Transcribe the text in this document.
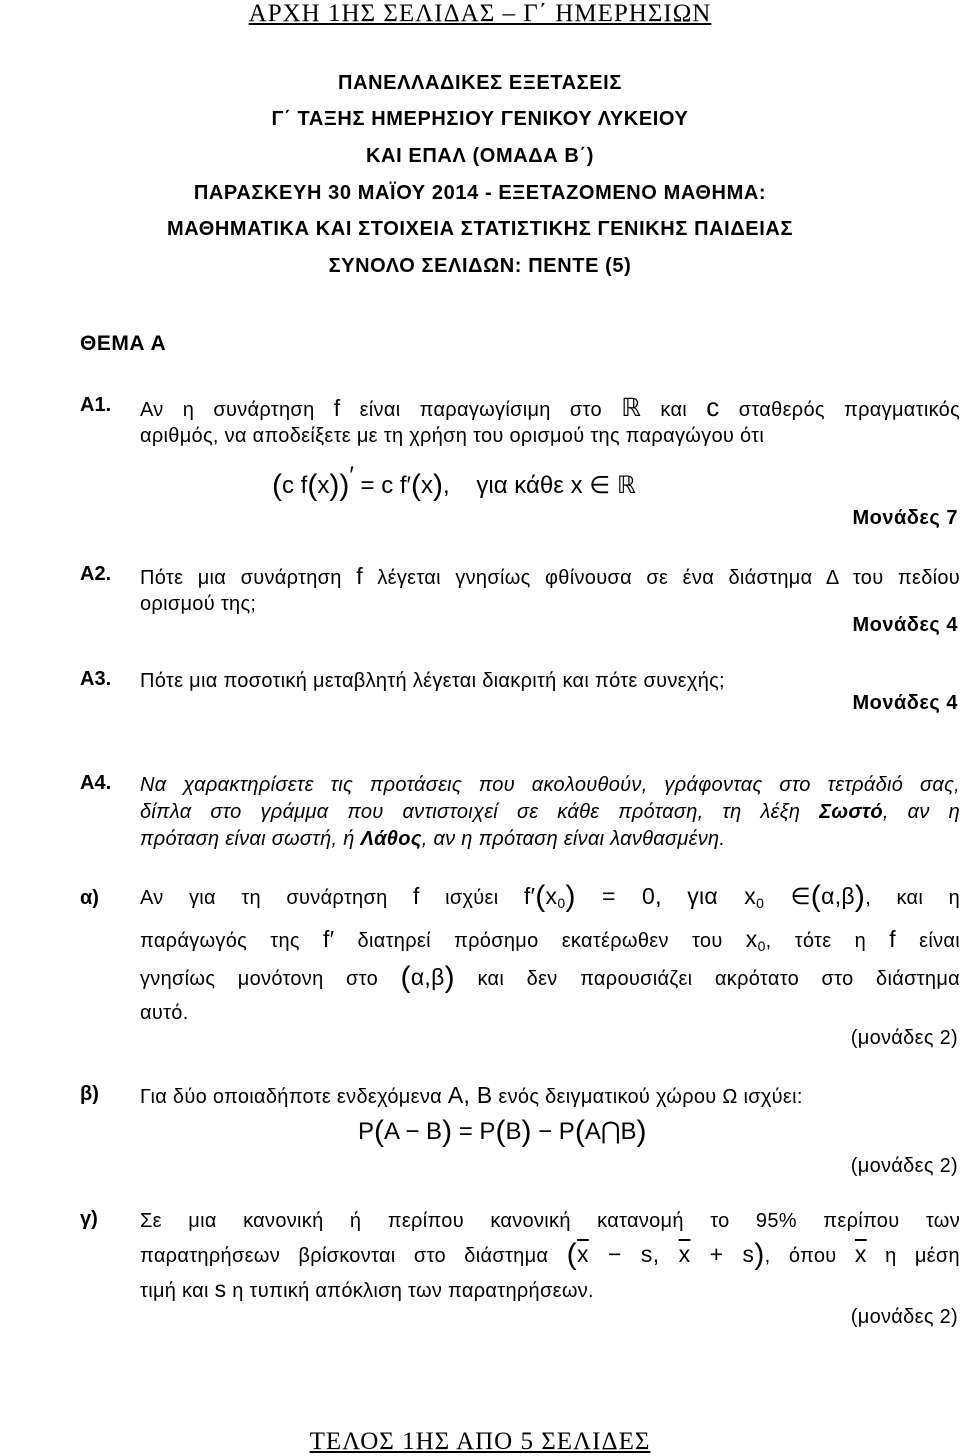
ΑΡΧΗ 1ΗΣ ΣΕΛΙΔΑΣ – Γ΄ ΗΜΕΡΗΣΙΩΝ
ΠΑΝΕΛΛΑΔΙΚΕΣ ΕΞΕΤΑΣΕΙΣ
Γ΄ ΤΑΞΗΣ ΗΜΕΡΗΣΙΟΥ ΓΕΝΙΚΟΥ ΛΥΚΕΙΟΥ
ΚΑΙ ΕΠΑΛ (ΟΜΑΔΑ Β΄)
ΠΑΡΑΣΚΕΥΗ 30 ΜΑΪΟΥ 2014 - ΕΞΕΤΑΖΟΜΕΝΟ ΜΑΘΗΜΑ:
ΜΑΘΗΜΑΤΙΚΑ ΚΑΙ ΣΤΟΙΧΕΙΑ ΣΤΑΤΙΣΤΙΚΗΣ ΓΕΝΙΚΗΣ ΠΑΙΔΕΙΑΣ
ΣΥΝΟΛΟ ΣΕΛΙΔΩΝ: ΠΕΝΤΕ (5)
ΘΕΜΑ Α
A1. Αν η συνάρτηση f είναι παραγωγίσιμη στο ℝ και c σταθερός πραγματικός
αριθμός, να αποδείξετε με τη χρήση του ορισμού της παραγώγου ότι
(c f(x))′ = c f′(x),    για κάθε x ∈ ℝ
Μονάδες 7
A2. Πότε μια συνάρτηση f λέγεται γνησίως φθίνουσα σε ένα διάστημα Δ του πεδίου
ορισμού της;
Μονάδες 4
A3. Πότε μια ποσοτική μεταβλητή λέγεται διακριτή και πότε συνεχής;
Μονάδες 4
A4. Να χαρακτηρίσετε τις προτάσεις που ακολουθούν, γράφοντας στο τετράδιό σας,
δίπλα στο γράμμα που αντιστοιχεί σε κάθε πρόταση, τη λέξη Σωστό, αν η
πρόταση είναι σωστή, ή Λάθος, αν η πρόταση είναι λανθασμένη.
α) Αν για τη συνάρτηση f ισχύει $f'(x_0) = 0$, για $x_0$ ∈(α,β), και η
παράγωγός της f′ διατηρεί πρόσημο εκατέρωθεν του $x_0$, τότε η f είναι
γνησίως μονότονη στο (α,β) και δεν παρουσιάζει ακρότατο στο διάστημα
αυτό.
(μονάδες 2)
β) Για δύο οποιαδήποτε ενδεχόμενα A, B ενός δειγματικού χώρου Ω ισχύει:
P(A − B) = P(B) − P(A⋂B)
(μονάδες 2)
γ) Σε μια κανονική ή περίπου κανονική κατανομή το 95% περίπου των
παρατηρήσεων βρίσκονται στο διάστημα ($\overline{x} - s$, $\overline{x} + s$), όπου $\overline{x}$ η μέση
τιμή και s η τυπική απόκλιση των παρατηρήσεων.
(μονάδες 2)
ΤΕΛΟΣ 1ΗΣ ΑΠΟ 5 ΣΕΛΙΔΕΣ
